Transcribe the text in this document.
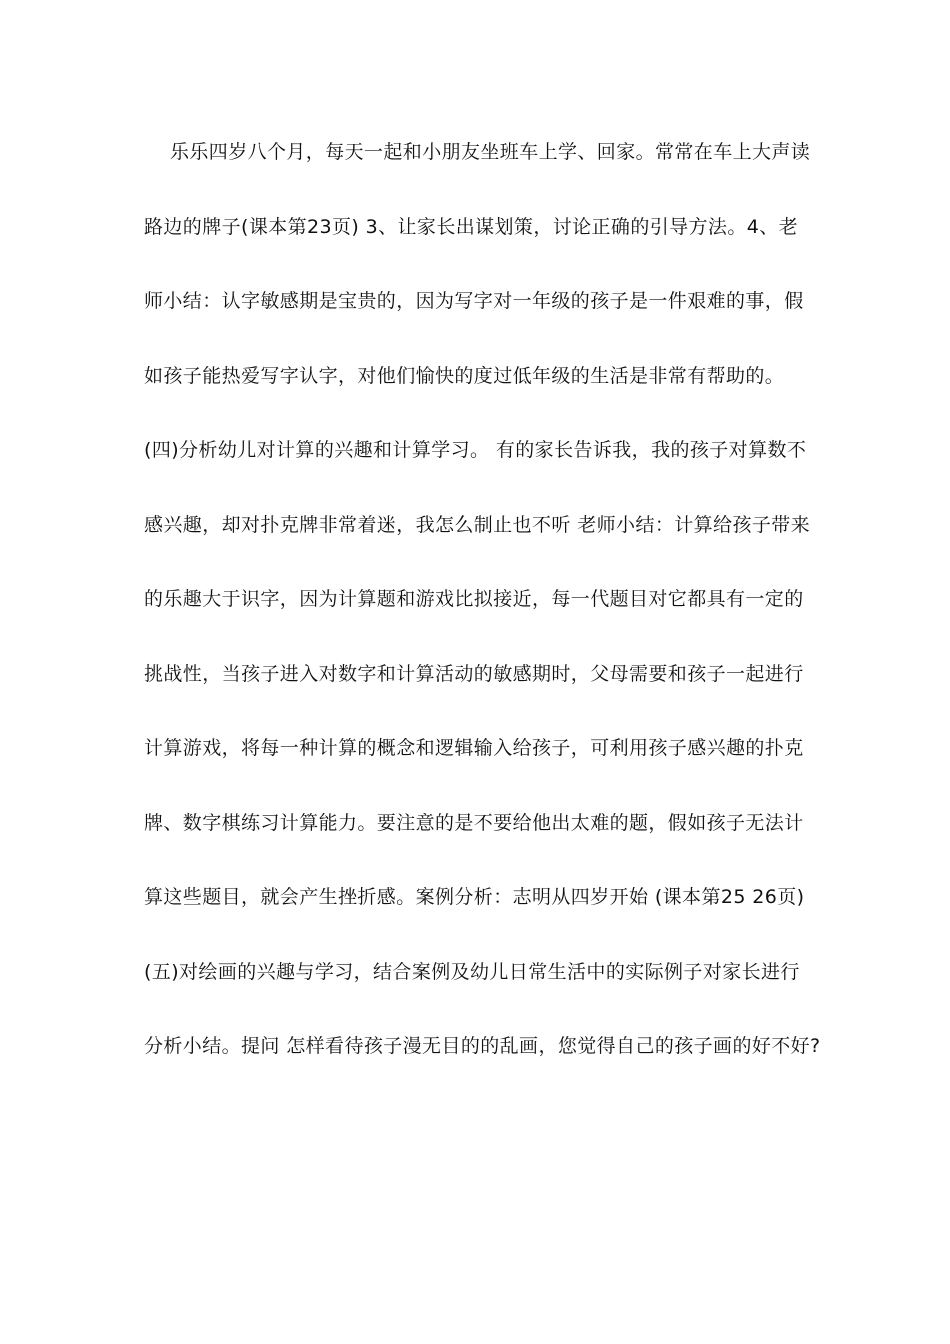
乐乐四岁八个月，每天一起和小朋友坐班车上学、回家。常常在车上大声读
路边的牌子(课本第23页) 3、让家长出谋划策，讨论正确的引导方法。4、老
师小结：认字敏感期是宝贵的，因为写字对一年级的孩子是一件艰难的事，假
如孩子能热爱写字认字，对他们愉快的度过低年级的生活是非常有帮助的。
(四)分析幼儿对计算的兴趣和计算学习。 有的家长告诉我，我的孩子对算数不
感兴趣，却对扑克牌非常着迷，我怎么制止也不听 老师小结：计算给孩子带来
的乐趣大于识字，因为计算题和游戏比拟接近，每一代题目对它都具有一定的
挑战性，当孩子进入对数字和计算活动的敏感期时，父母需要和孩子一起进行
计算游戏，将每一种计算的概念和逻辑输入给孩子，可利用孩子感兴趣的扑克
牌、数字棋练习计算能力。要注意的是不要给他出太难的题，假如孩子无法计
算这些题目，就会产生挫折感。案例分析：志明从四岁开始 (课本第25 26页)
(五)对绘画的兴趣与学习，结合案例及幼儿日常生活中的实际例子对家长进行
分析小结。提问 怎样看待孩子漫无目的的乱画，您觉得自己的孩子画的好不好?
